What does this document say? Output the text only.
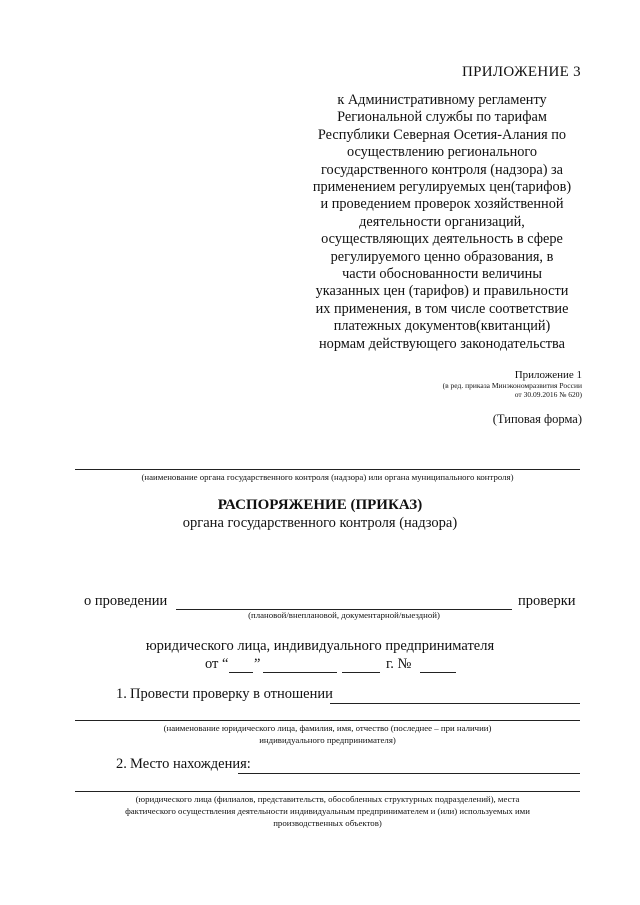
ПРИЛОЖЕНИЕ 3
к Административному регламенту
Региональной службы по тарифам
Республики Северная Осетия-Алания по
осуществлению регионального
государственного контроля (надзора) за
применением регулируемых цен(тарифов)
и проведением проверок хозяйственной
деятельности организаций,
осуществляющих деятельность в сфере
регулируемого ценно образования, в
части обоснованности величины
указанных цен (тарифов) и правильности
их применения, в том числе соответствие
платежных документов(квитанций)
нормам действующего законодательства
Приложение 1
(в ред. приказа Минэкономразвития России
от 30.09.2016 № 620)
(Типовая форма)
(наименование органа государственного контроля (надзора) или органа муниципального контроля)
РАСПОРЯЖЕНИЕ (ПРИКАЗ)
органа государственного контроля (надзора)
о проведении	проверки
(плановой/внеплановой, документарной/выездной)
юридического лица, индивидуального предпринимателя
от “ ”	г. №
1. Провести проверку в отношении
(наименование юридического лица, фамилия, имя, отчество (последнее – при наличии)
индивидуального предпринимателя)
2. Место нахождения:
(юридического лица (филиалов, представительств, обособленных структурных подразделений), места
фактического осуществления деятельности индивидуальным предпринимателем и (или) используемых ими
производственных объектов)
